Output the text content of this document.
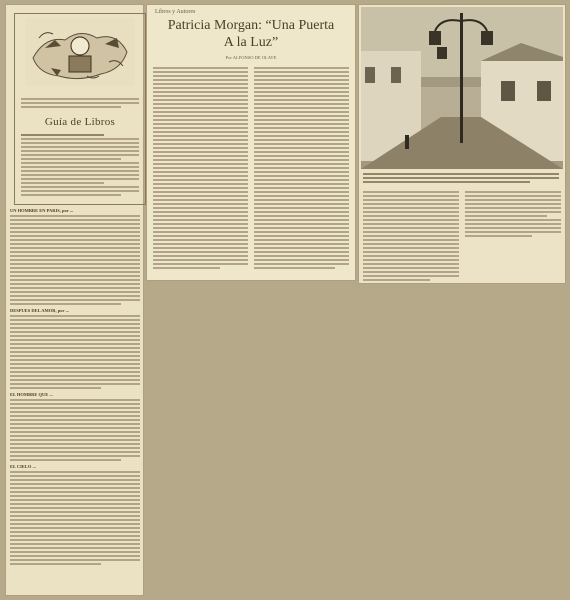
Guía de Libros
UN HOMBRE EN PARIS, por ...
DESPUES DEL AMOR, por ...
EL HOMBRE QUE ...
EL CIELO ...
Libros y Autores
Patricia Morgan: “Una Puerta
A la Luz”
Por ALFONSO DE OLAVE
